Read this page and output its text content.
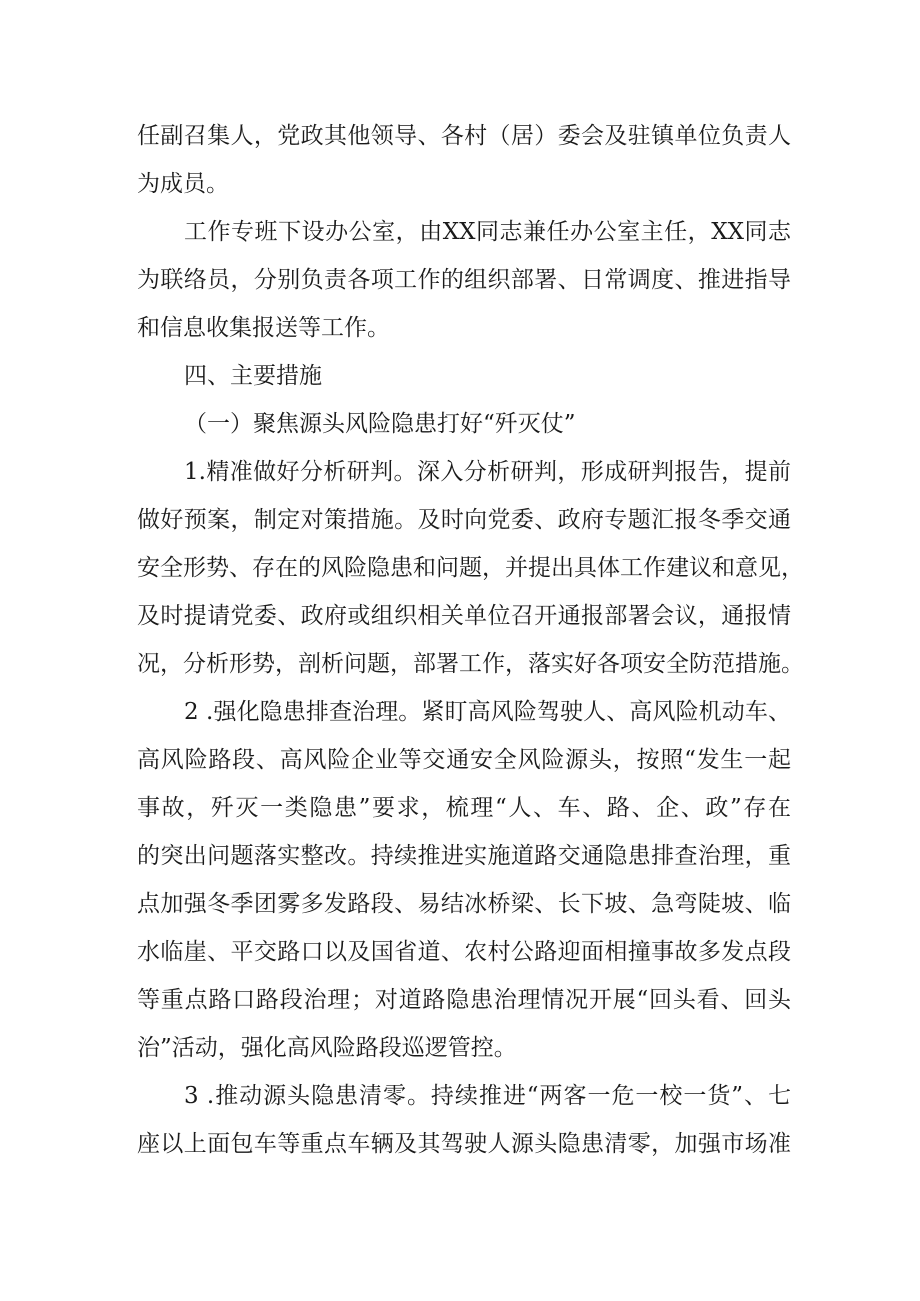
任副召集人，党政其他领导、各村（居）委会及驻镇单位负责人
为成员。
工作专班下设办公室，由XX同志兼任办公室主任，XX同志
为联络员，分别负责各项工作的组织部署、日常调度、推进指导
和信息收集报送等工作。
四、主要措施
（一）聚焦源头风险隐患打好“歼灭仗”
1.精准做好分析研判。深入分析研判，形成研判报告，提前
做好预案，制定对策措施。及时向党委、政府专题汇报冬季交通
安全形势、存在的风险隐患和问题，并提出具体工作建议和意见，
及时提请党委、政府或组织相关单位召开通报部署会议，通报情
况，分析形势，剖析问题，部署工作，落实好各项安全防范措施。
2 .强化隐患排查治理。紧盯高风险驾驶人、高风险机动车、
高风险路段、高风险企业等交通安全风险源头，按照“发生一起
事故，歼灭一类隐患”要求，梳理“人、车、路、企、政”存在
的突出问题落实整改。持续推进实施道路交通隐患排查治理，重
点加强冬季团雾多发路段、易结冰桥梁、长下坡、急弯陡坡、临
水临崖、平交路口以及国省道、农村公路迎面相撞事故多发点段
等重点路口路段治理；对道路隐患治理情况开展“回头看、回头
治”活动，强化高风险路段巡逻管控。
3 .推动源头隐患清零。持续推进“两客一危一校一货”、七
座以上面包车等重点车辆及其驾驶人源头隐患清零，加强市场准
